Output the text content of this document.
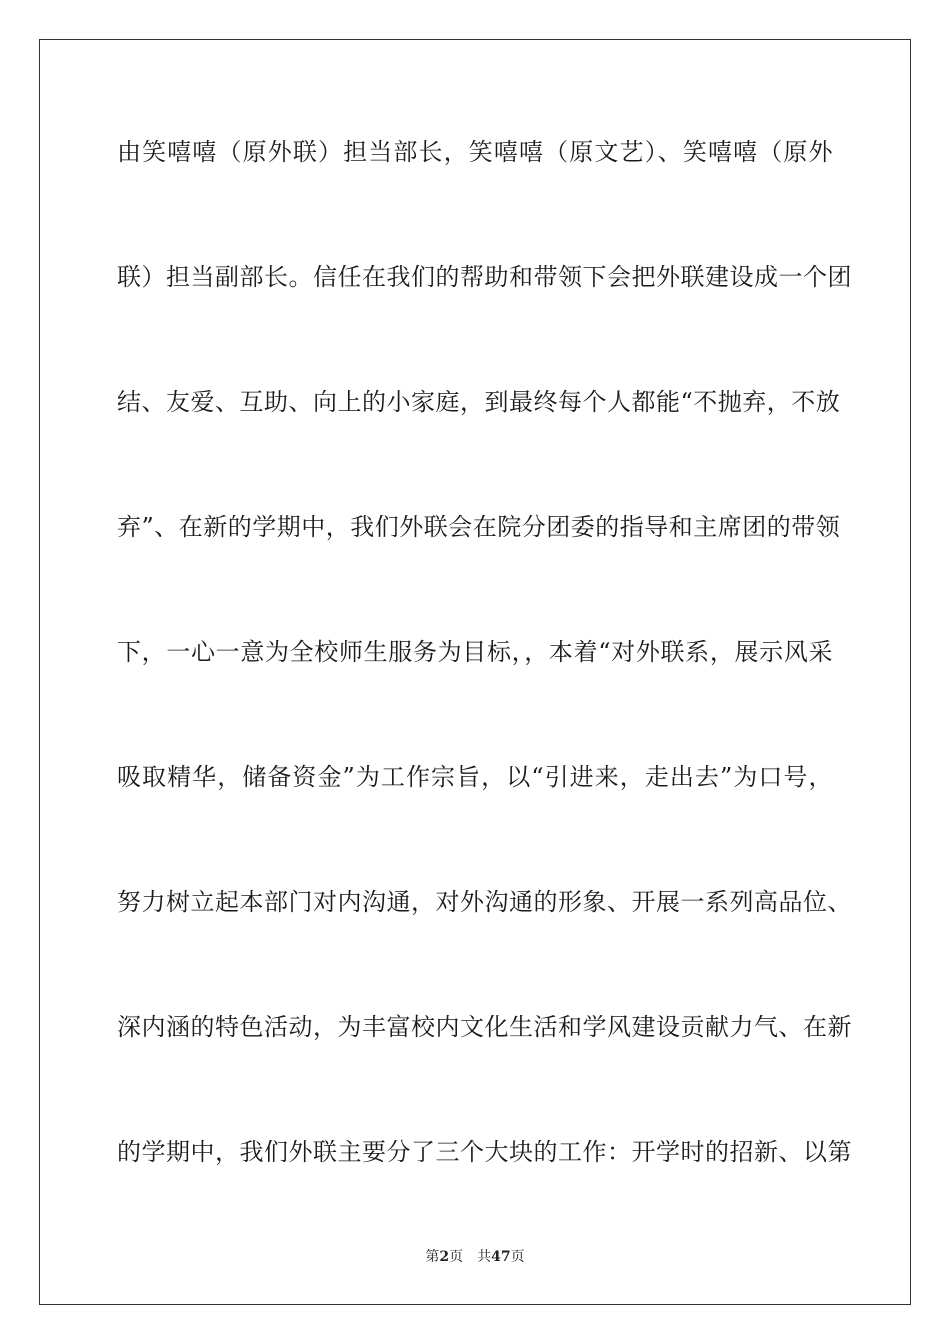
由笑嘻嘻（原外联）担当部长，笑嘻嘻（原文艺）、笑嘻嘻（原外
联）担当副部长。信任在我们的帮助和带领下会把外联建设成一个团
结、友爱、互助、向上的小家庭，到最终每个人都能“不抛弃，不放
弃”、在新的学期中，我们外联会在院分团委的指导和主席团的带领
下，一心一意为全校师生服务为目标，，本着“对外联系，展示风采
吸取精华，储备资金”为工作宗旨，以“引进来，走出去”为口号，
努力树立起本部门对内沟通，对外沟通的形象、开展一系列高品位、
深内涵的特色活动，为丰富校内文化生活和学风建设贡献力气、在新
的学期中，我们外联主要分了三个大块的工作：开学时的招新、以第
第2页 共47页
